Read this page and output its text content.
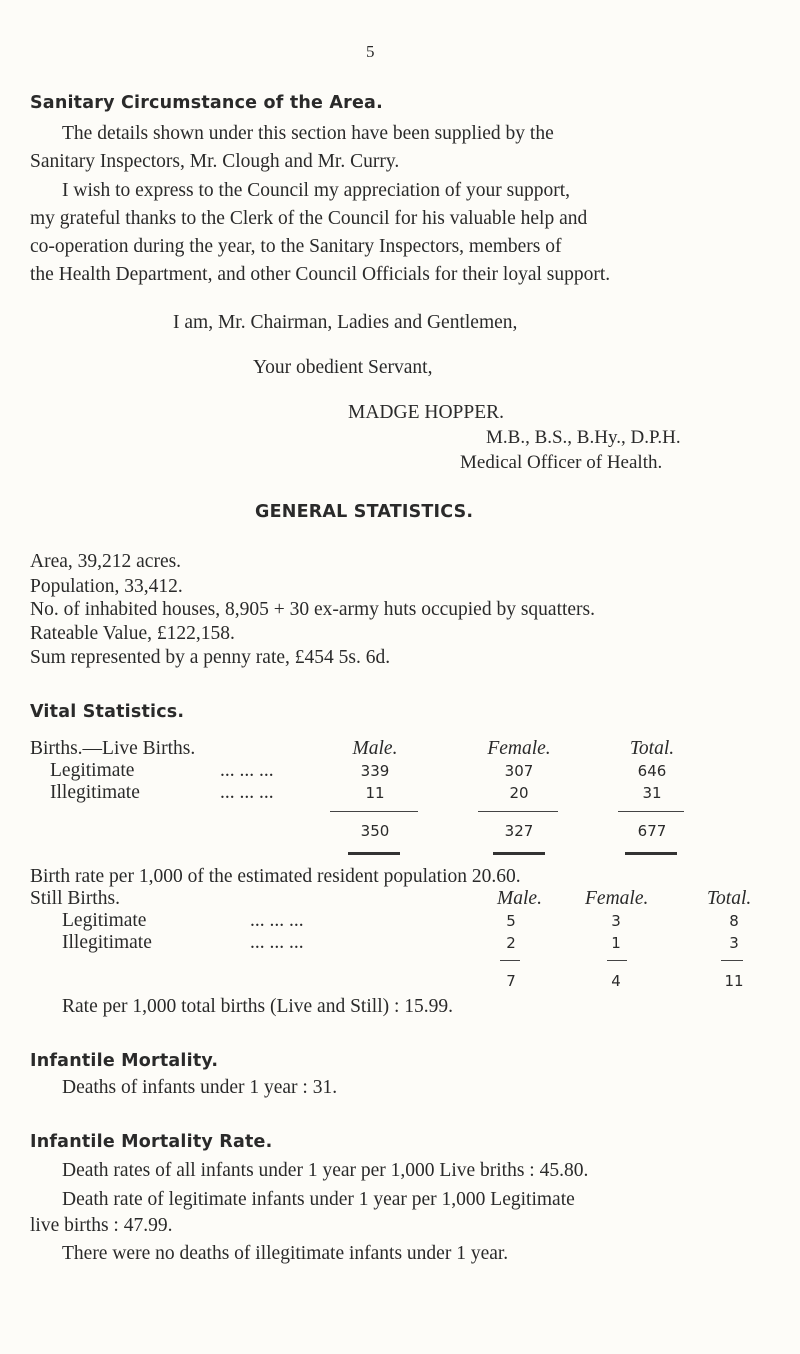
5
Sanitary Circumstance of the Area.
The details shown under this section have been supplied by the
Sanitary Inspectors, Mr. Clough and Mr. Curry.
I wish to express to the Council my appreciation of your support,
my grateful thanks to the Clerk of the Council for his valuable help and
co-operation during the year, to the Sanitary Inspectors, members of
the Health Department, and other Council Officials for their loyal support.
I am, Mr. Chairman, Ladies and Gentlemen,
Your obedient Servant,
MADGE HOPPER.
M.B., B.S., B.Hy., D.P.H.
Medical Officer of Health.
GENERAL STATISTICS.
Area, 39,212 acres.
Population, 33,412.
No. of inhabited houses, 8,905 + 30 ex-army huts occupied by squatters.
Rateable Value, £122,158.
Sum represented by a penny rate, £454 5s. 6d.
Vital Statistics.
Births.—Live Births.	Male.	Female.	Total.
Legitimate	... ... ...	339	307	646
Illegitimate	... ... ...	11	20	31
350	327	677
Birth rate per 1,000 of the estimated resident population 20.60.
Still Births.	Male. Female.	Total.
Legitimate	... ... ...	5	3	8
Illegitimate	... ... ...	2	1	3
7	4	11
Rate per 1,000 total births (Live and Still) : 15.99.
Infantile Mortality.
Deaths of infants under 1 year : 31.
Infantile Mortality Rate.
Death rates of all infants under 1 year per 1,000 Live briths : 45.80.
Death rate of legitimate infants under 1 year per 1,000 Legitimate
live births : 47.99.
There were no deaths of illegitimate infants under 1 year.
